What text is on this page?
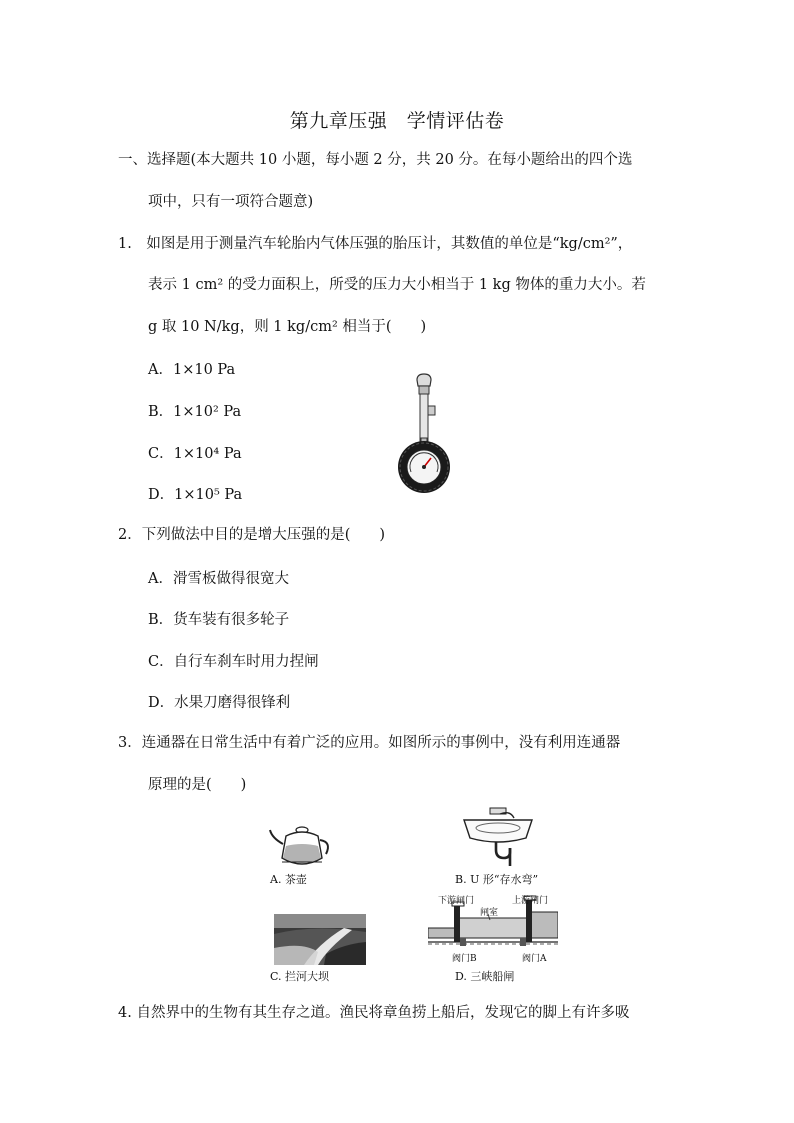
第九章压强　学情评估卷
一、选择题(本大题共 10 小题，每小题 2 分，共 20 分。在每小题给出的四个选
项中，只有一项符合题意)
1.　如图是用于测量汽车轮胎内气体压强的胎压计，其数值的单位是“kg/cm²”，
表示 1 cm² 的受力面积上，所受的压力大小相当于 1 kg 物体的重力大小。若
g 取 10 N/kg，则 1 kg/cm² 相当于(　　)
A．1×10 Pa
B．1×10² Pa
C．1×10⁴ Pa
D．1×10⁵ Pa
2．下列做法中目的是增大压强的是(　　)
A．滑雪板做得很宽大
B．货车装有很多轮子
C．自行车刹车时用力捏闸
D．水果刀磨得很锋利
3．连通器在日常生活中有着广泛的应用。如图所示的事例中，没有利用连通器
原理的是(　　)
A. 茶壶	B. U 形“存水弯”
C. 拦河大坝
下游闸门	上游闸门
闸室
阀门B	阀门A
D. 三峡船闸
4. 自然界中的生物有其生存之道。渔民将章鱼捞上船后，发现它的脚上有许多吸
